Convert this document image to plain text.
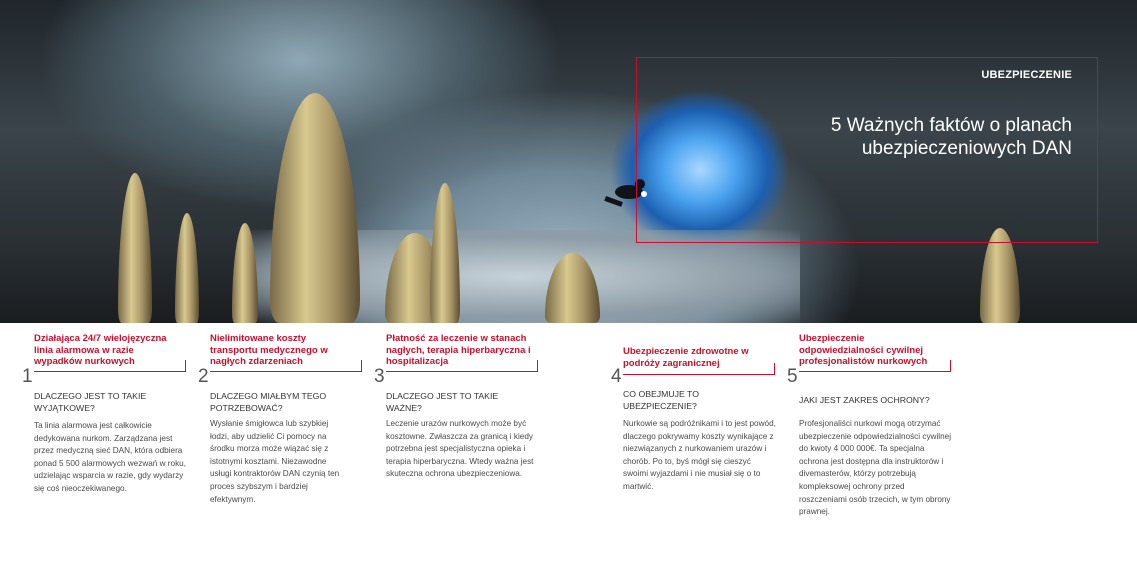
UBEZPIECZENIE
5 Ważnych faktów o planach ubezpieczeniowych DAN
Działająca 24/7 wielojęzyczna linia alarmowa w razie wypadków nurkowych
1
DLACZEGO JEST TO TAKIE WYJĄTKOWE?
Ta linia alarmowa jest całkowicie dedykowana nurkom. Zarządzana jest przez medyczną sieć DAN, która odbiera ponad 5 500 alarmowych wezwań w roku, udzielając wsparcia w razie, gdy wydarzy się coś nieoczekiwanego.
Nielimitowane koszty transportu medycznego w nagłych zdarzeniach
2
DLACZEGO MIAŁBYM TEGO POTRZEBOWAĆ?
Wysłanie śmigłowca lub szybkiej łodzi, aby udzielić Ci pomocy na środku morza może wiązać się z istotnymi kosztami. Niezawodne usługi kontraktorów DAN czynią ten proces szybszym i bardziej efektywnym.
Płatność za leczenie w stanach nagłych, terapia hiperbaryczna i hospitalizacja
3
DLACZEGO JEST TO TAKIE WAŻNE?
Leczenie urazów nurkowych może być kosztowne. Zwłaszcza za granicą i kiedy potrzebna jest specjalistyczna opieka i terapia hiperbaryczna. Wtedy ważna jest skuteczna ochrona ubezpieczeniowa.
Ubezpieczenie zdrowotne w podróży zagranicznej
4
CO OBEJMUJE TO UBEZPIECZENIE?
Nurkowie są podróżnikami i to jest powód, dlaczego pokrywamy koszty wynikające z niezwiązanych z nurkowaniem urazów i chorób. Po to, byś mógł się cieszyć swoimi wyjazdami i nie musiał się o to martwić.
Ubezpieczenie odpowiedzialności cywilnej profesjonalistów nurkowych
5
JAKI JEST ZAKRES OCHRONY?
Profesjonaliści nurkowi mogą otrzymać ubezpieczenie odpowiedzialności cywilnej do kwoty 4 000 000€. Ta specjalna ochrona jest dostępna dla instruktorów i divemasterów, którzy potrzebują kompleksowej ochrony przed roszczeniami osób trzecich, w tym obrony prawnej.
